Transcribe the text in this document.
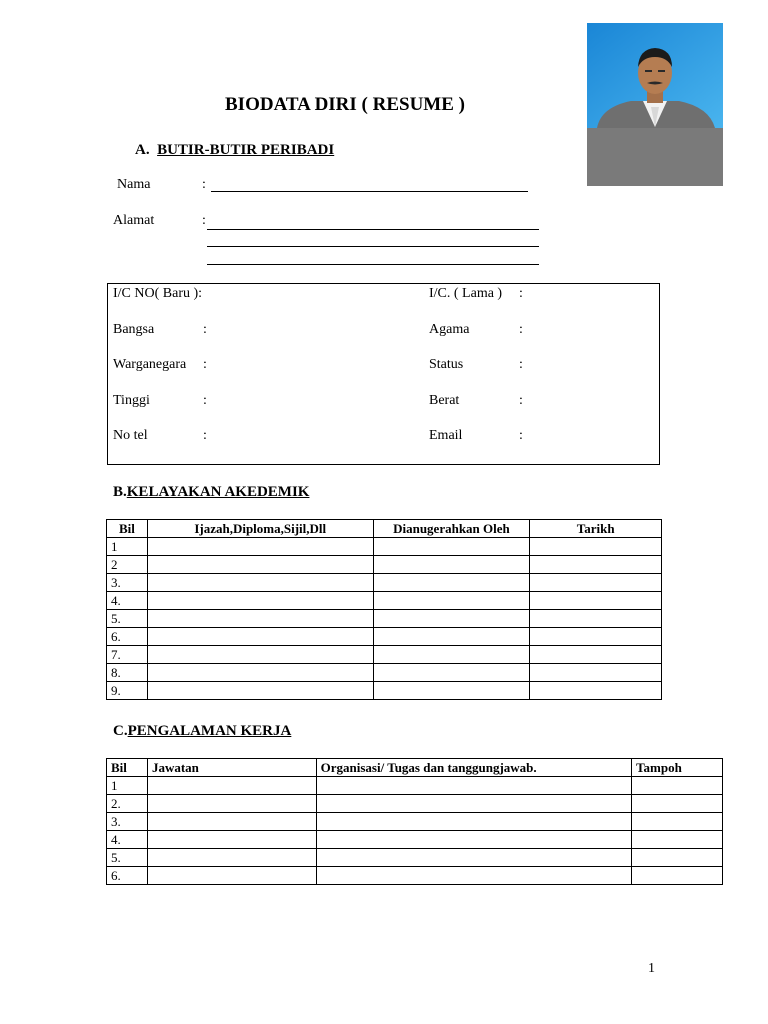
BIODATA DIRI ( RESUME )
A. BUTIR-BUTIR PERIBADI
Nama	:
Alamat	:
I/C NO( Baru ):	I/C. ( Lama ) :
Bangsa	:	Agama	:
Warganegara :	Status	:
Tinggi	:	Berat	:
No tel	:	Email	:
B.KELAYAKAN AKEDEMIK
Bil	Ijazah,Diploma,Sijil,Dll	Dianugerahkan Oleh	Tarikh
1			
2			
3.			
4.			
5.			
6.			
7.			
8.			
9.			
C.PENGALAMAN KERJA
Bil	Jawatan	Organisasi/ Tugas dan tanggungjawab.	Tampoh
1			
2.			
3.			
4.			
5.			
6.			
1
